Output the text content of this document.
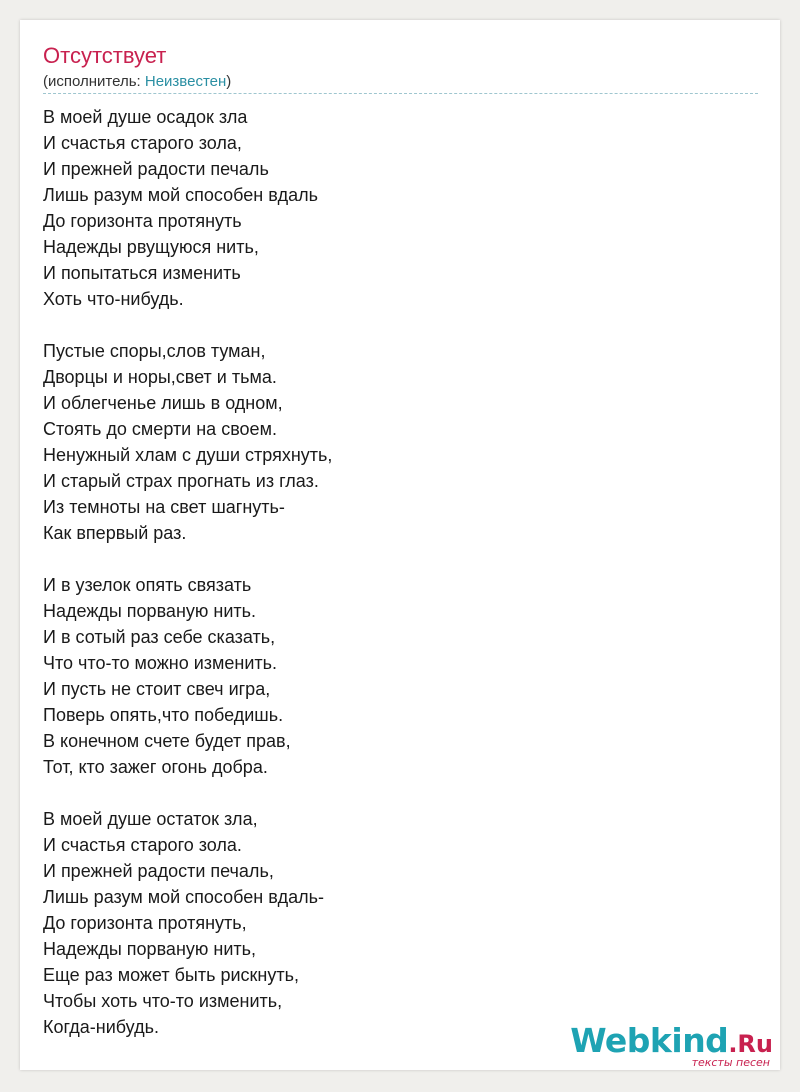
Отсутствует
(исполнитель: Неизвестен)
В моей душе осадок зла
И счастья старого зола,
И прежней радости печаль
Лишь разум мой способен вдаль
До горизонта протянуть
Надежды рвущуюся нить,
И попытаться изменить
Хоть что-нибудь.
Пустые споры,слов туман,
Дворцы и норы,свет и тьма.
И облегченье лишь в одном,
Стоять до смерти на своем.
Ненужный хлам с души стряхнуть,
И старый страх прогнать из глаз.
Из темноты на свет шагнуть-
Как впервый раз.
И в узелок опять связать
Надежды порваную нить.
И в сотый раз себе сказать,
Что что-то можно изменить.
И пусть не стоит свеч игра,
Поверь опять,что победишь.
В конечном счете будет прав,
Тот, кто зажег огонь добра.
В моей душе остаток зла,
И счастья старого зола.
И прежней радости печаль,
Лишь разум мой способен вдаль-
До горизонта протянуть,
Надежды порваную нить,
Еще раз может быть рискнуть,
Чтобы хоть что-то изменить,
Когда-нибудь.	Webkind.Ru
тексты песен
